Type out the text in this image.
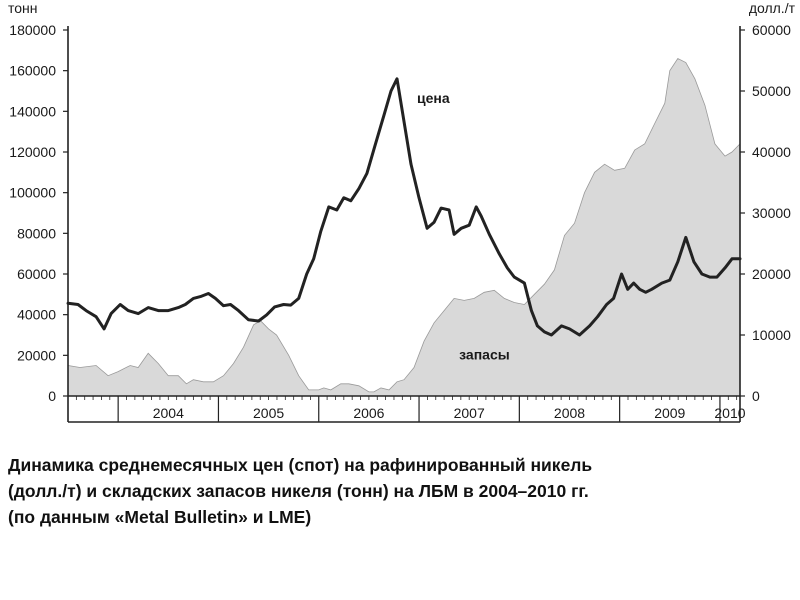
0
20000
40000
60000
80000
100000
120000
140000
160000
180000
0
10000
20000
30000
40000
50000
60000
тонн	долл./т
2004	2005	2006	2007	2008	2009 2010
цена
запасы
Динамика среднемесячных цен (спот) на рафинированный никель
(долл./т) и складских запасов никеля (тонн) на ЛБМ в 2004–2010 гг.
(по данным «Metal Bulletin» и LME)
